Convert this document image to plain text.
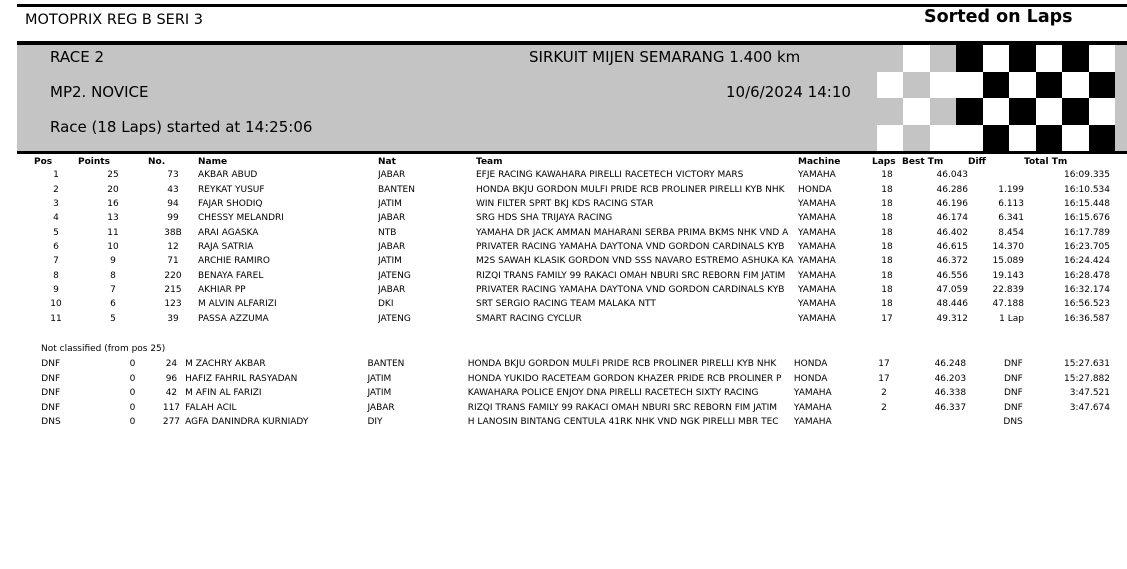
MOTOPRIX REG B SERI 3	Sorted on Laps
RACE 2	SIRKUIT MIJEN SEMARANG 1.400 km
MP2. NOVICE	10/6/2024 14:10
Race (18 Laps) started at 14:25:06
	Pos	Points	No.	Name	Nat	Team	Machine	Laps	Best Tm	Diff	Total Tm
	1	25	73	AKBAR ABUD	JABAR	EFJE RACING KAWAHARA PIRELLI RACETECH VICTORY MARS	YAMAHA	18	46.043		16:09.335
	2	20	43	REYKAT YUSUF	BANTEN	HONDA BKJU GORDON MULFI PRIDE RCB PROLINER PIRELLI KYB NHK	HONDA	18	46.286	1.199	16:10.534
	3	16	94	FAJAR SHODIQ	JATIM	WIN FILTER SPRT BKJ KDS RACING STAR	YAMAHA	18	46.196	6.113	16:15.448
	4	13	99	CHESSY MELANDRI	JABAR	SRG HDS SHA TRIJAYA RACING	YAMAHA	18	46.174	6.341	16:15.676
	5	11	38B	ARAI AGASKA	NTB	YAMAHA DR JACK AMMAN MAHARANI SERBA PRIMA BKMS NHK VND A	YAMAHA	18	46.402	8.454	16:17.789
	6	10	12	RAJA SATRIA	JABAR	PRIVATER RACING YAMAHA DAYTONA VND GORDON CARDINALS KYB	YAMAHA	18	46.615	14.370	16:23.705
	7	9	71	ARCHIE RAMIRO	JATIM	M2S SAWAH KLASIK GORDON VND SSS NAVARO ESTREMO ASHUKA KA	YAMAHA	18	46.372	15.089	16:24.424
	8	8	220	BENAYA FAREL	JATENG	RIZQI TRANS FAMILY 99 RAKACI OMAH NBURI SRC REBORN FIM JATIM	YAMAHA	18	46.556	19.143	16:28.478
	9	7	215	AKHIAR PP	JABAR	PRIVATER RACING YAMAHA DAYTONA VND GORDON CARDINALS KYB	YAMAHA	18	47.059	22.839	16:32.174
	10	6	123	M ALVIN ALFARIZI	DKI	SRT SERGIO RACING TEAM MALAKA NTT	YAMAHA	18	48.446	47.188	16:56.523
	11	5	39	PASSA AZZUMA	JATENG	SMART RACING CYCLUR	YAMAHA	17	49.312	1 Lap	16:36.587
Not classified (from pos 25)
	DNF	0	24	M ZACHRY AKBAR	BANTEN	HONDA BKJU GORDON MULFI PRIDE RCB PROLINER PIRELLI KYB NHK	HONDA	17	46.248	DNF	15:27.631
	DNF	0	96	HAFIZ FAHRIL RASYADAN	JATIM	HONDA YUKIDO RACETEAM GORDON KHAZER PRIDE RCB PROLINER P	HONDA	17	46.203	DNF	15:27.882
	DNF	0	42	M AFIN AL FARIZI	JATIM	KAWAHARA POLICE ENJOY DNA PIRELLI RACETECH SIXTY RACING	YAMAHA	2	46.338	DNF	3:47.521
	DNF	0	117	FALAH ACIL	JABAR	RIZQI TRANS FAMILY 99 RAKACI OMAH NBURI SRC REBORN FIM JATIM	YAMAHA	2	46.337	DNF	3:47.674
	DNS	0	277	AGFA DANINDRA KURNIADY	DIY	H LANOSIN BINTANG CENTULA 41RK NHK VND NGK PIRELLI MBR TEC	YAMAHA			DNS	
